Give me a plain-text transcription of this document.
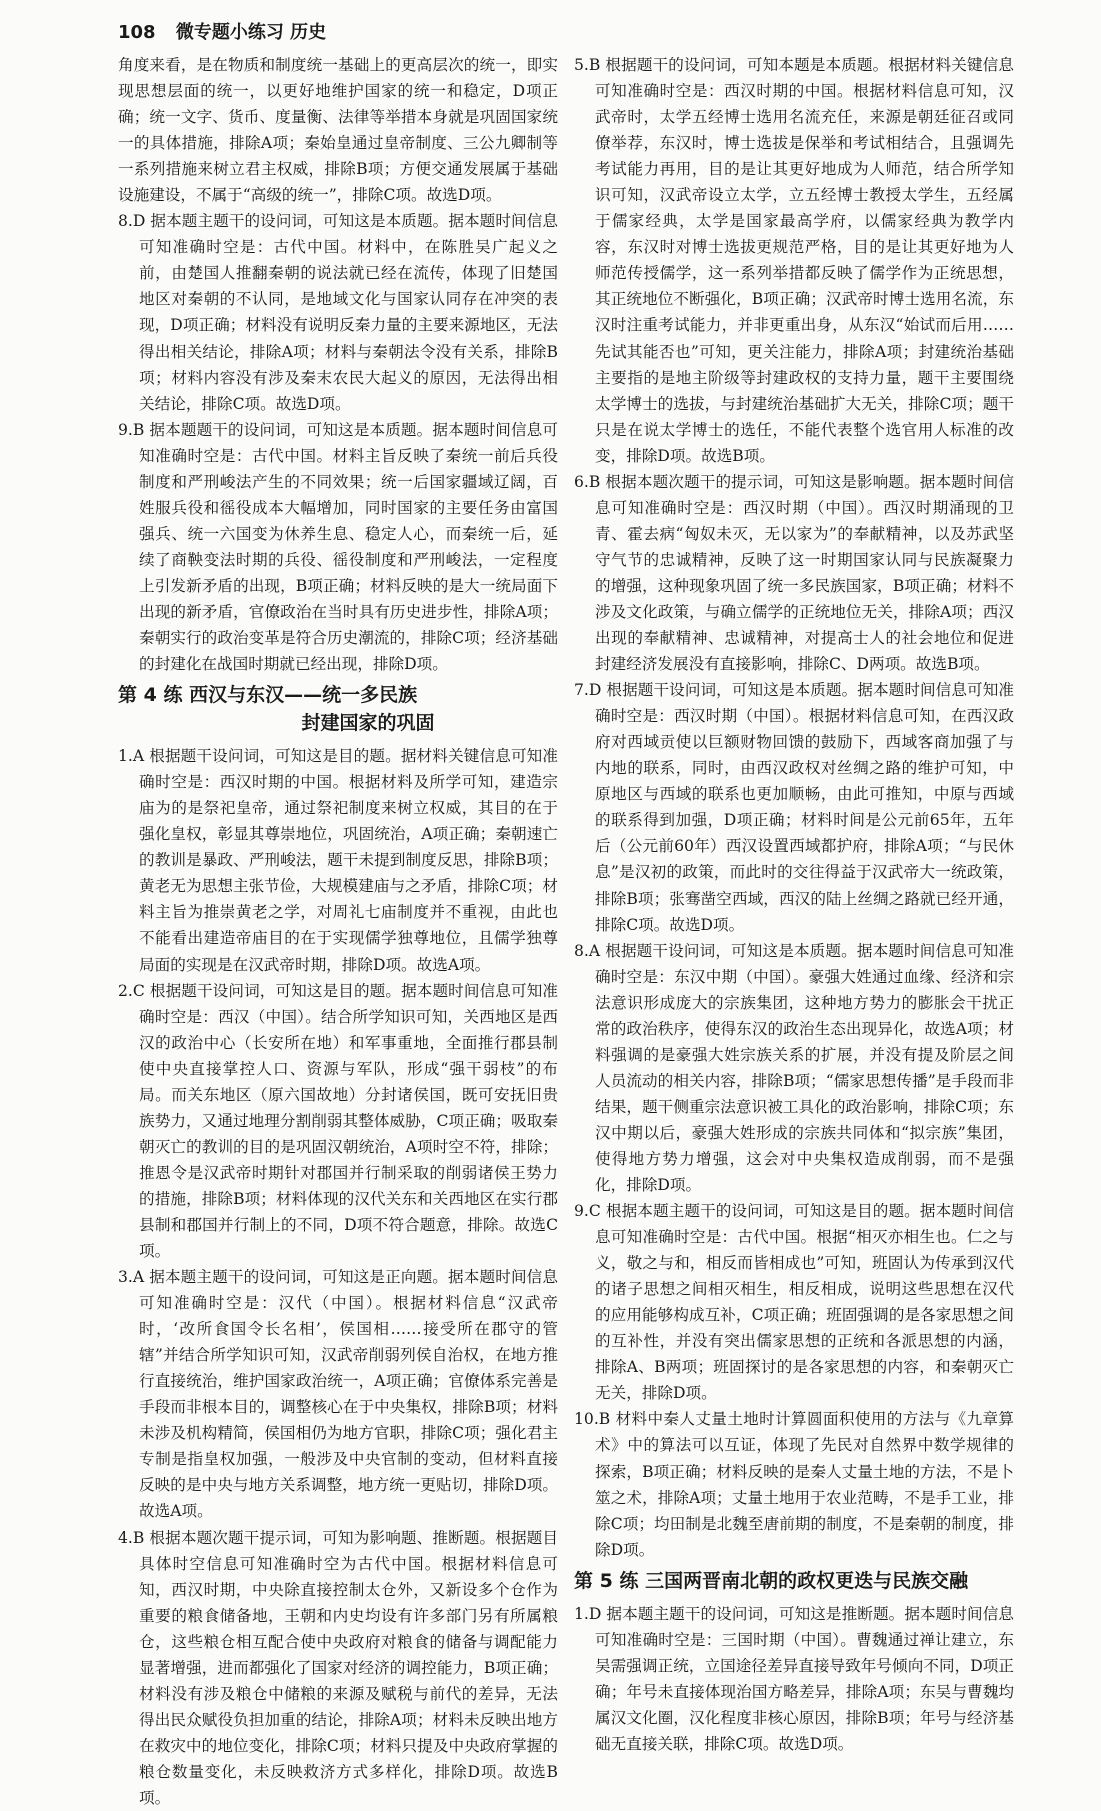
108 微专题小练习 历史

角度来看，是在物质和制度统一基础上的更高层次的统一，即实现思想层面的统一，以更好地维护国家的统一和稳定，D项正确；统一文字、货币、度量衡、法律等举措本身就是巩固国家统一的具体措施，排除A项；秦始皇通过皇帝制度、三公九卿制等一系列措施来树立君主权威，排除B项；方便交通发展属于基础设施建设，不属于“高级的统一”，排除C项。故选D项。

8.D 据本题主题干的设问词，可知这是本质题。据本题时间信息可知准确时空是：古代中国。材料中，在陈胜吴广起义之前，由楚国人推翻秦朝的说法就已经在流传，体现了旧楚国地区对秦朝的不认同，是地域文化与国家认同存在冲突的表现，D项正确；材料没有说明反秦力量的主要来源地区，无法得出相关结论，排除A项；材料与秦朝法令没有关系，排除B项；材料内容没有涉及秦末农民大起义的原因，无法得出相关结论，排除C项。故选D项。

9.B 据本题题干的设问词，可知这是本质题。据本题时间信息可知准确时空是：古代中国。材料主旨反映了秦统一前后兵役制度和严刑峻法产生的不同效果；统一后国家疆域辽阔，百姓服兵役和徭役成本大幅增加，同时国家的主要任务由富国强兵、统一六国变为休养生息、稳定人心，而秦统一后，延续了商鞅变法时期的兵役、徭役制度和严刑峻法，一定程度上引发新矛盾的出现，B项正确；材料反映的是大一统局面下出现的新矛盾，官僚政治在当时具有历史进步性，排除A项；秦朝实行的政治变革是符合历史潮流的，排除C项；经济基础的封建化在战国时期就已经出现，排除D项。

第 4 练 西汉与东汉——统一多民族
封建国家的巩固

1.A 根据题干设问词，可知这是目的题。据材料关键信息可知准确时空是：西汉时期的中国。根据材料及所学可知，建造宗庙为的是祭祀皇帝，通过祭祀制度来树立权威，其目的在于强化皇权，彰显其尊崇地位，巩固统治，A项正确；秦朝速亡的教训是暴政、严刑峻法，题干未提到制度反思，排除B项；黄老无为思想主张节俭，大规模建庙与之矛盾，排除C项；材料主旨为推崇黄老之学，对周礼七庙制度并不重视，由此也不能看出建造帝庙目的在于实现儒学独尊地位，且儒学独尊局面的实现是在汉武帝时期，排除D项。故选A项。

2.C 根据题干设问词，可知这是目的题。据本题时间信息可知准确时空是：西汉（中国）。结合所学知识可知，关西地区是西汉的政治中心（长安所在地）和军事重地，全面推行郡县制使中央直接掌控人口、资源与军队，形成“强干弱枝”的布局。而关东地区（原六国故地）分封诸侯国，既可安抚旧贵族势力，又通过地理分割削弱其整体威胁，C项正确；吸取秦朝灭亡的教训的目的是巩固汉朝统治，A项时空不符，排除；推恩令是汉武帝时期针对郡国并行制采取的削弱诸侯王势力的措施，排除B项；材料体现的汉代关东和关西地区在实行郡县制和郡国并行制上的不同，D项不符合题意，排除。故选C项。

3.A 据本题主题干的设问词，可知这是正向题。据本题时间信息可知准确时空是：汉代（中国）。根据材料信息“汉武帝时，‘改所食国令长名相’，侯国相……接受所在郡守的管辖”并结合所学知识可知，汉武帝削弱列侯自治权，在地方推行直接统治，维护国家政治统一，A项正确；官僚体系完善是手段而非根本目的，调整核心在于中央集权，排除B项；材料未涉及机构精简，侯国相仍为地方官职，排除C项；强化君主专制是指皇权加强，一般涉及中央官制的变动，但材料直接反映的是中央与地方关系调整，地方统一更贴切，排除D项。故选A项。

4.B 根据本题次题干提示词，可知为影响题、推断题。根据题目具体时空信息可知准确时空为古代中国。根据材料信息可知，西汉时期，中央除直接控制太仓外，又新设多个仓作为重要的粮食储备地，王朝和内史均设有许多部门另有所属粮仓，这些粮仓相互配合使中央政府对粮食的储备与调配能力显著增强，进而都强化了国家对经济的调控能力，B项正确；材料没有涉及粮仓中储粮的来源及赋税与前代的差异，无法得出民众赋役负担加重的结论，排除A项；材料未反映出地方在救灾中的地位变化，排除C项；材料只提及中央政府掌握的粮仓数量变化，未反映救济方式多样化，排除D项。故选B项。

5.B 根据题干的设问词，可知本题是本质题。根据材料关键信息可知准确时空是：西汉时期的中国。根据材料信息可知，汉武帝时，太学五经博士选用名流充任，来源是朝廷征召或同僚举荐，东汉时，博士选拔是保举和考试相结合，且强调先考试能力再用，目的是让其更好地成为人师范，结合所学知识可知，汉武帝设立太学，立五经博士教授太学生，五经属于儒家经典，太学是国家最高学府，以儒家经典为教学内容，东汉时对博士选拔更规范严格，目的是让其更好地为人师范传授儒学，这一系列举措都反映了儒学作为正统思想，其正统地位不断强化，B项正确；汉武帝时博士选用名流，东汉时注重考试能力，并非更重出身，从东汉“始试而后用……先试其能否也”可知，更关注能力，排除A项；封建统治基础主要指的是地主阶级等封建政权的支持力量，题干主要围绕太学博士的选拔，与封建统治基础扩大无关，排除C项；题干只是在说太学博士的选任，不能代表整个选官用人标准的改变，排除D项。故选B项。

6.B 根据本题次题干的提示词，可知这是影响题。据本题时间信息可知准确时空是：西汉时期（中国）。西汉时期涌现的卫青、霍去病“匈奴未灭，无以家为”的奉献精神，以及苏武坚守气节的忠诚精神，反映了这一时期国家认同与民族凝聚力的增强，这种现象巩固了统一多民族国家，B项正确；材料不涉及文化政策，与确立儒学的正统地位无关，排除A项；西汉出现的奉献精神、忠诚精神，对提高士人的社会地位和促进封建经济发展没有直接影响，排除C、D两项。故选B项。

7.D 根据题干设问词，可知这是本质题。据本题时间信息可知准确时空是：西汉时期（中国）。根据材料信息可知，在西汉政府对西域贡使以巨额财物回馈的鼓励下，西域客商加强了与内地的联系，同时，由西汉政权对丝绸之路的维护可知，中原地区与西域的联系也更加顺畅，由此可推知，中原与西域的联系得到加强，D项正确；材料时间是公元前65年，五年后（公元前60年）西汉设置西域都护府，排除A项；“与民休息”是汉初的政策，而此时的交往得益于汉武帝大一统政策，排除B项；张骞凿空西域，西汉的陆上丝绸之路就已经开通，排除C项。故选D项。

8.A 根据题干设问词，可知这是本质题。据本题时间信息可知准确时空是：东汉中期（中国）。豪强大姓通过血缘、经济和宗法意识形成庞大的宗族集团，这种地方势力的膨胀会干扰正常的政治秩序，使得东汉的政治生态出现异化，故选A项；材料强调的是豪强大姓宗族关系的扩展，并没有提及阶层之间人员流动的相关内容，排除B项；“儒家思想传播”是手段而非结果，题干侧重宗法意识被工具化的政治影响，排除C项；东汉中期以后，豪强大姓形成的宗族共同体和“拟宗族”集团，使得地方势力增强，这会对中央集权造成削弱，而不是强化，排除D项。

9.C 根据本题主题干的设问词，可知这是目的题。据本题时间信息可知准确时空是：古代中国。根据“相灭亦相生也。仁之与义，敬之与和，相反而皆相成也”可知，班固认为传承到汉代的诸子思想之间相灭相生，相反相成，说明这些思想在汉代的应用能够构成互补，C项正确；班固强调的是各家思想之间的互补性，并没有突出儒家思想的正统和各派思想的内涵，排除A、B两项；班固探讨的是各家思想的内容，和秦朝灭亡无关，排除D项。

10.B 材料中秦人丈量土地时计算圆面积使用的方法与《九章算术》中的算法可以互证，体现了先民对自然界中数学规律的探索，B项正确；材料反映的是秦人丈量土地的方法，不是卜筮之术，排除A项；丈量土地用于农业范畴，不是手工业，排除C项；均田制是北魏至唐前期的制度，不是秦朝的制度，排除D项。

第 5 练 三国两晋南北朝的政权更迭与民族交融

1.D 据本题主题干的设问词，可知这是推断题。据本题时间信息可知准确时空是：三国时期（中国）。曹魏通过禅让建立，东吴需强调正统，立国途径差异直接导致年号倾向不同，D项正确；年号未直接体现治国方略差异，排除A项；东吴与曹魏均属汉文化圈，汉化程度非核心原因，排除B项；年号与经济基础无直接关联，排除C项。故选D项。
